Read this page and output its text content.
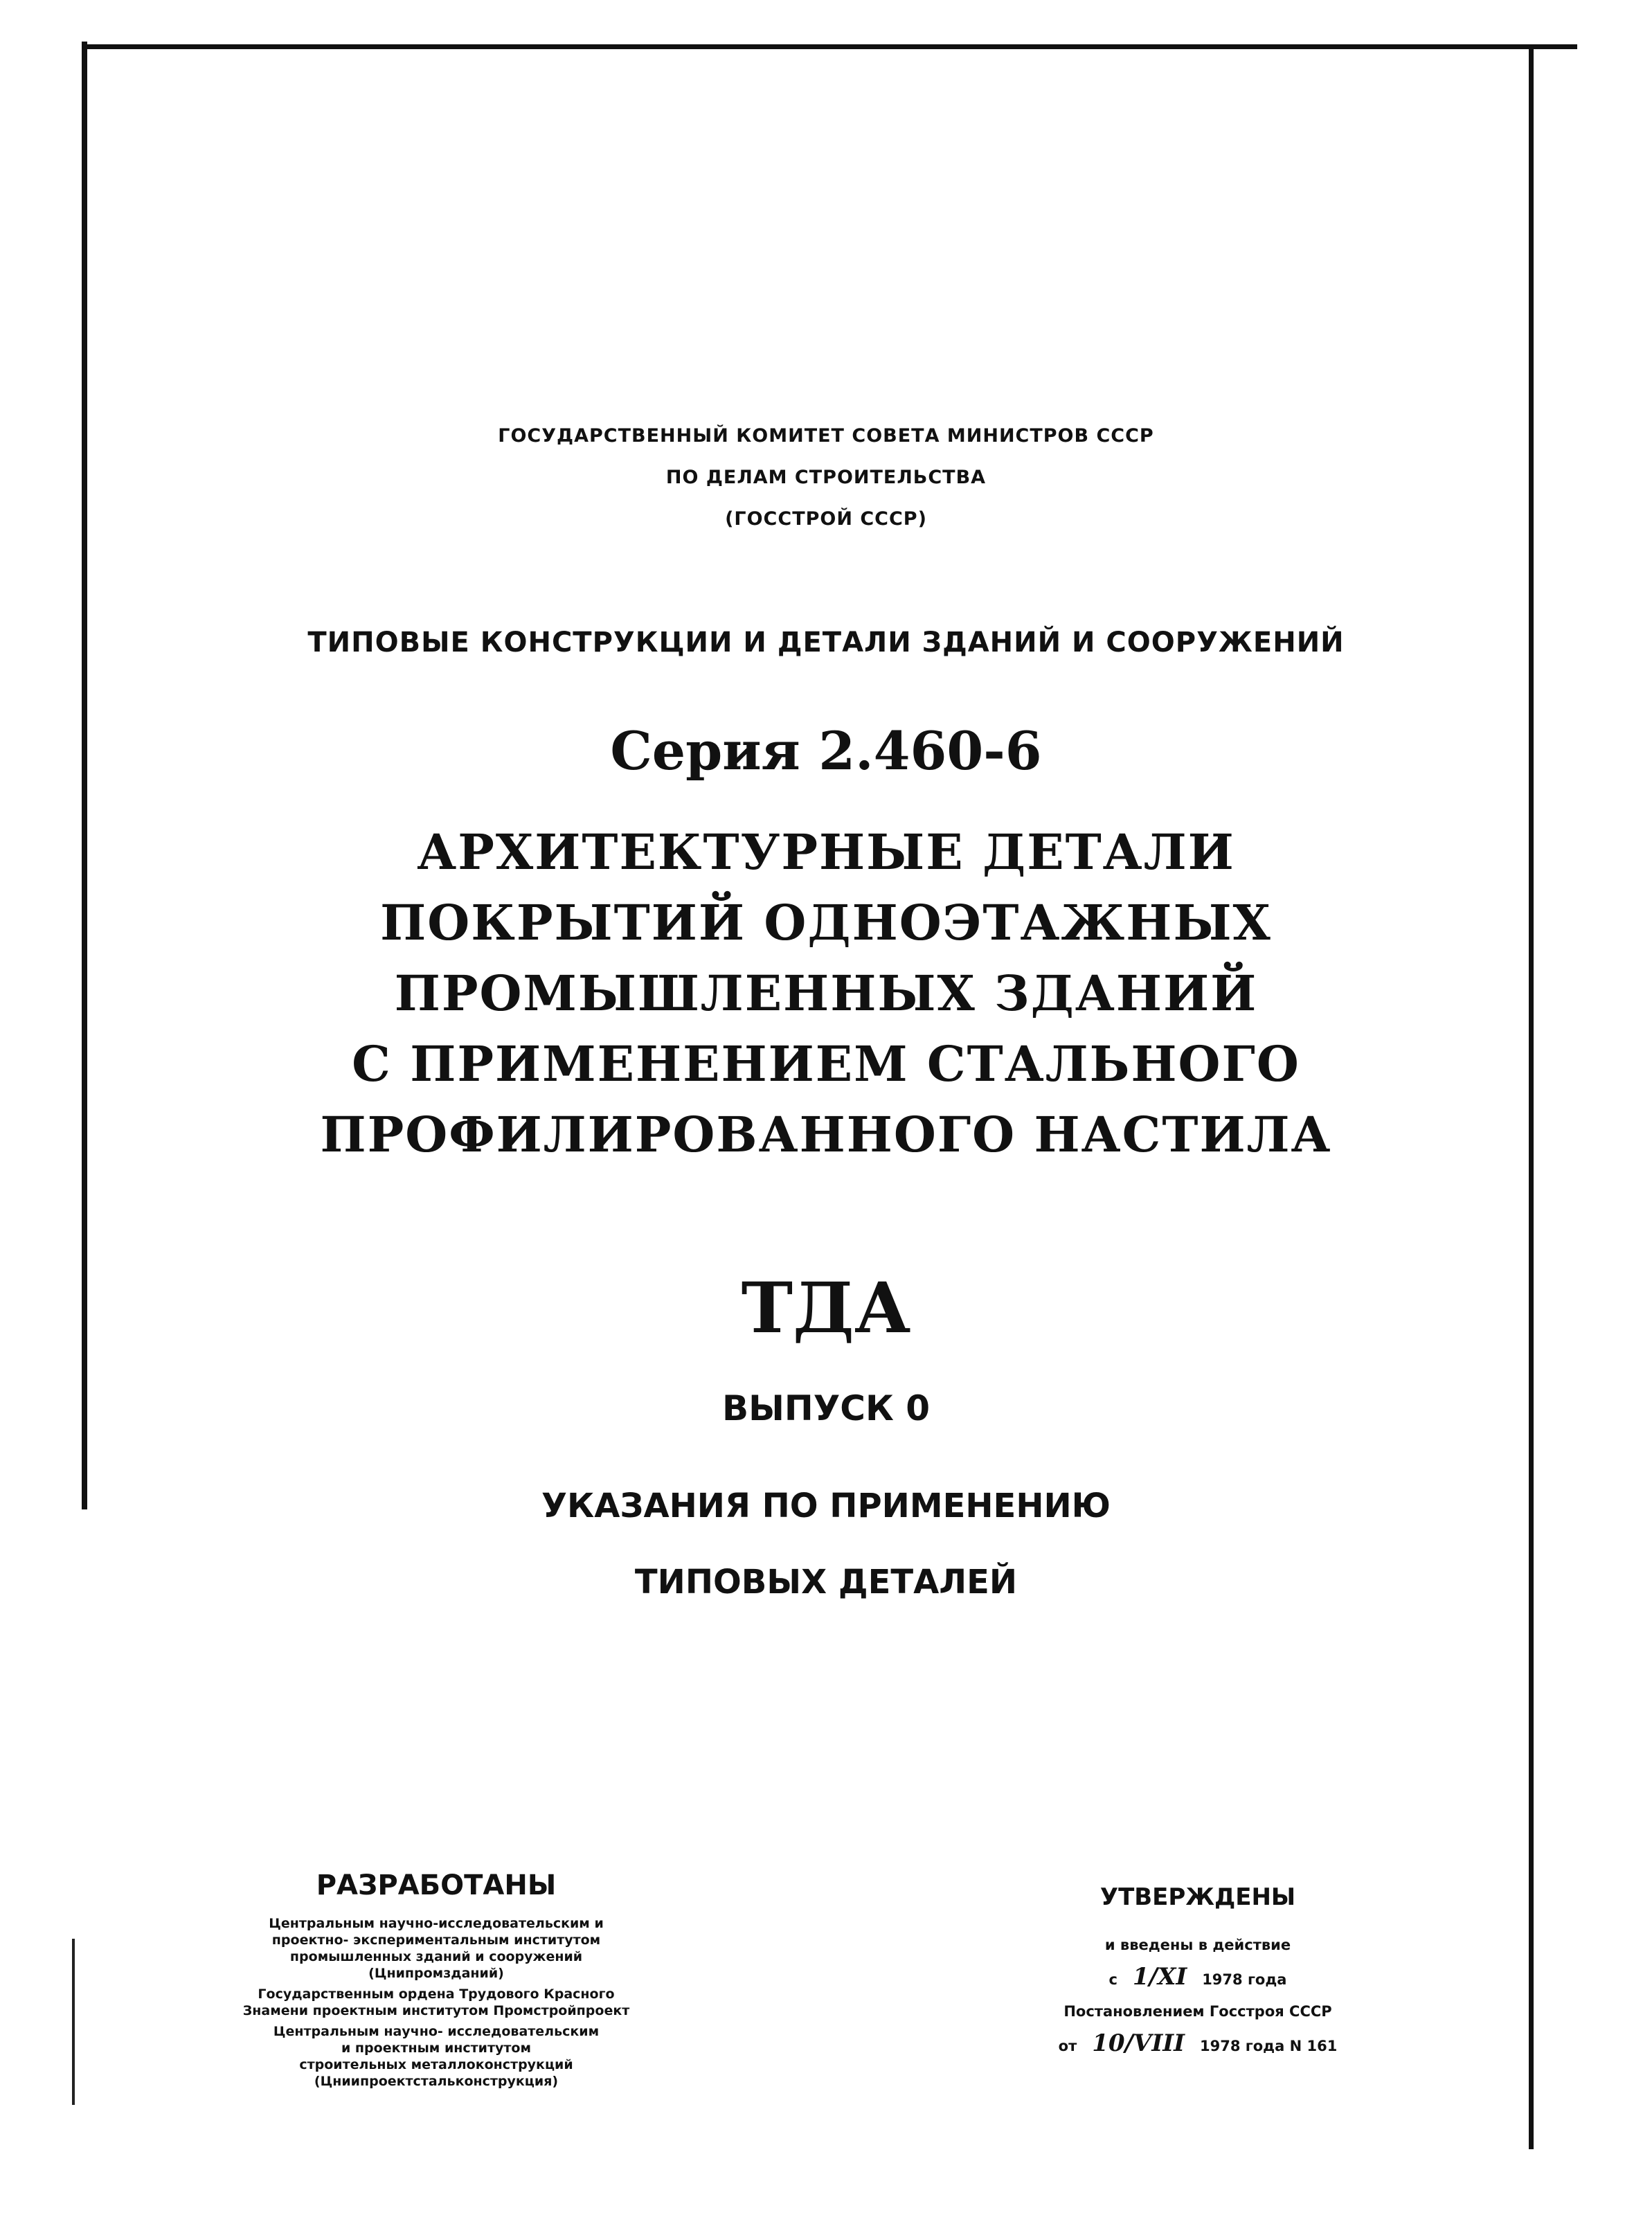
ГОСУДАРСТВЕННЫЙ КОМИТЕТ СОВЕТА МИНИСТРОВ СССР
ПО ДЕЛАМ СТРОИТЕЛЬСТВА
(ГОССТРОЙ СССР)
ТИПОВЫЕ КОНСТРУКЦИИ И ДЕТАЛИ ЗДАНИЙ И СООРУЖЕНИЙ
Серия 2.460-6
АРХИТЕКТУРНЫЕ ДЕТАЛИ
ПОКРЫТИЙ ОДНОЭТАЖНЫХ
ПРОМЫШЛЕННЫХ ЗДАНИЙ
С ПРИМЕНЕНИЕМ СТАЛЬНОГО
ПРОФИЛИРОВАННОГО НАСТИЛА
ТДА
ВЫПУСК 0
УКАЗАНИЯ ПО ПРИМЕНЕНИЮ
ТИПОВЫХ ДЕТАЛЕЙ
РАЗРАБОТАНЫ
Центральным научно-исследовательским и
проектно- экспериментальным институтом
промышленных зданий и сооружений
(Цнипромзданий)
Государственным ордена Трудового Красного
Знамени проектным институтом Промстройпроект
Центральным научно- исследовательским
и проектным институтом
строительных металлоконструкций
(Цниипроектстальконструкция)
УТВЕРЖДЕНЫ
и введены в действие
с 1/XI 1978 года
Постановлением Госстроя СССР
от 10/VIII 1978 года N 161
